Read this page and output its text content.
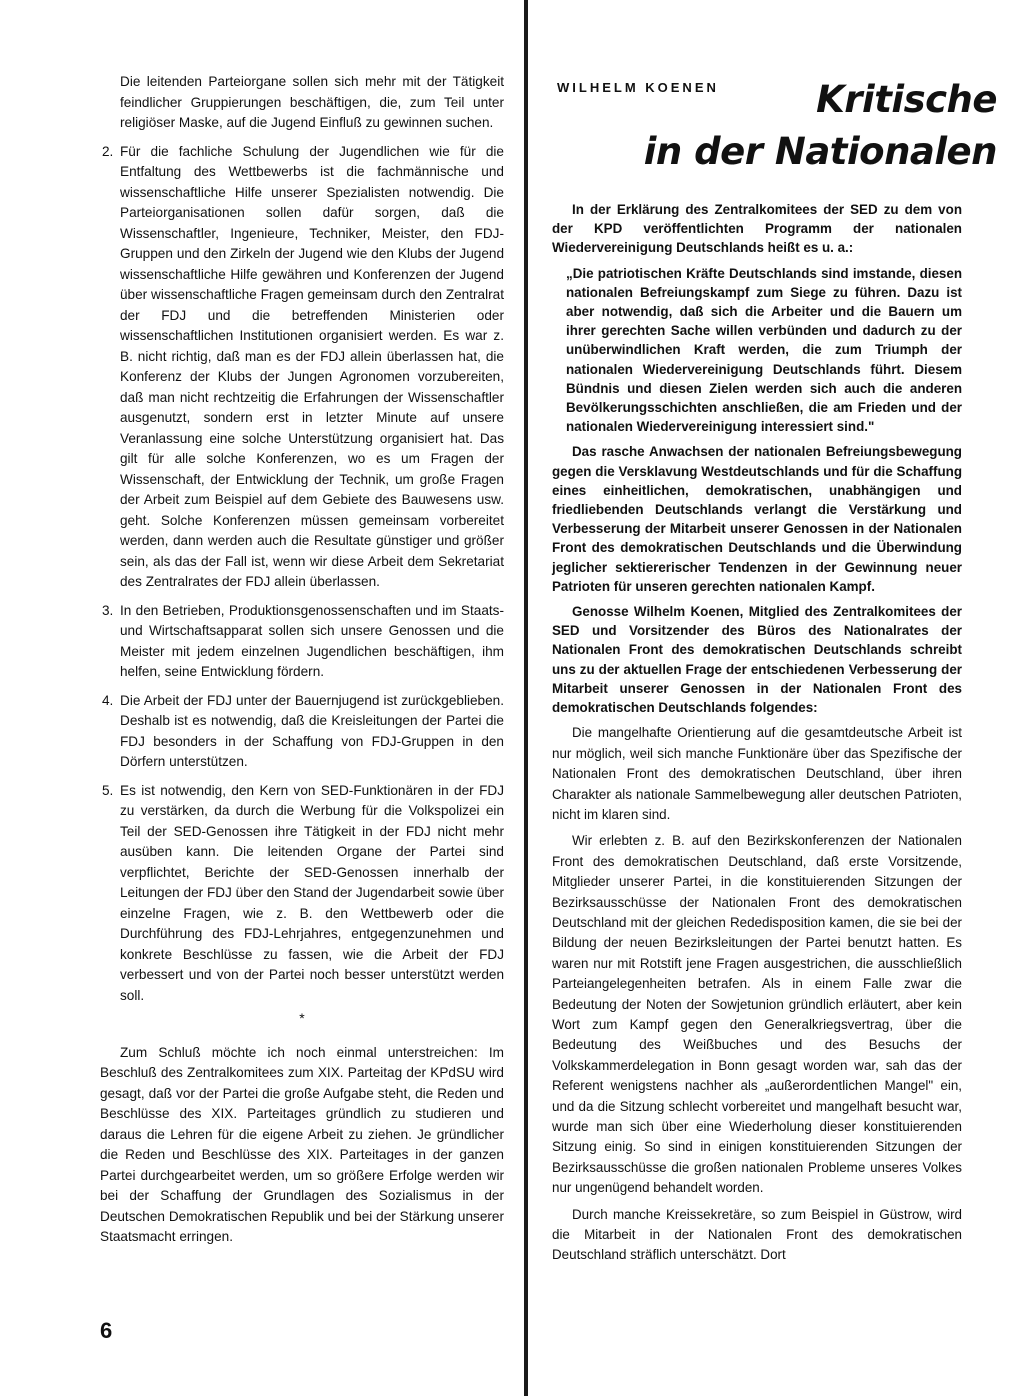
Die leitenden Parteiorgane sollen sich mehr mit der Tätigkeit feindlicher Gruppierungen beschäftigen, die, zum Teil unter religiöser Maske, auf die Jugend Einfluß zu gewinnen suchen.

2. Für die fachliche Schulung der Jugendlichen wie für die Entfaltung des Wettbewerbs ist die fachmännische und wissenschaftliche Hilfe unserer Spezialisten notwendig. Die Parteiorganisationen sollen dafür sorgen, daß die Wissenschaftler, Ingenieure, Techniker, Meister, den FDJ-Gruppen und den Zirkeln der Jugend wie den Klubs der Jugend wissenschaftliche Hilfe gewähren und Konferenzen der Jugend über wissenschaftliche Fragen gemeinsam durch den Zentralrat der FDJ und die betreffenden Ministerien oder wissenschaftlichen Institutionen organisiert werden. Es war z. B. nicht richtig, daß man es der FDJ allein überlassen hat, die Konferenz der Klubs der Jungen Agronomen vorzubereiten, daß man nicht rechtzeitig die Erfahrungen der Wissenschaftler ausgenutzt, sondern erst in letzter Minute auf unsere Veranlassung eine solche Unterstützung organisiert hat. Das gilt für alle solche Konferenzen, wo es um Fragen der Wissenschaft, der Entwicklung der Technik, um große Fragen der Arbeit zum Beispiel auf dem Gebiete des Bauwesens usw. geht. Solche Konferenzen müssen gemeinsam vorbereitet werden, dann werden auch die Resultate günstiger und größer sein, als das der Fall ist, wenn wir diese Arbeit dem Sekretariat des Zentralrates der FDJ allein überlassen.

3. In den Betrieben, Produktionsgenossenschaften und im Staats- und Wirtschaftsapparat sollen sich unsere Genossen und die Meister mit jedem einzelnen Jugendlichen beschäftigen, ihm helfen, seine Entwicklung fördern.

4. Die Arbeit der FDJ unter der Bauernjugend ist zurückgeblieben. Deshalb ist es notwendig, daß die Kreisleitungen der Partei die FDJ besonders in der Schaffung von FDJ-Gruppen in den Dörfern unterstützen.

5. Es ist notwendig, den Kern von SED-Funktionären in der FDJ zu verstärken, da durch die Werbung für die Volkspolizei ein Teil der SED-Genossen ihre Tätigkeit in der FDJ nicht mehr ausüben kann. Die leitenden Organe der Partei sind verpflichtet, Berichte der SED-Genossen innerhalb der Leitungen der FDJ über den Stand der Jugendarbeit sowie über einzelne Fragen, wie z. B. den Wettbewerb oder die Durchführung des FDJ-Lehrjahres, entgegenzunehmen und konkrete Beschlüsse zu fassen, wie die Arbeit der FDJ verbessert und von der Partei noch besser unterstützt werden soll.

*

Zum Schluß möchte ich noch einmal unterstreichen: Im Beschluß des Zentralkomitees zum XIX. Parteitag der KPdSU wird gesagt, daß vor der Partei die große Aufgabe steht, die Reden und Beschlüsse des XIX. Parteitages gründlich zu studieren und daraus die Lehren für die eigene Arbeit zu ziehen. Je gründlicher die Reden und Beschlüsse des XIX. Parteitages in der ganzen Partei durchgearbeitet werden, um so größere Erfolge werden wir bei der Schaffung der Grundlagen des Sozialismus in der Deutschen Demokratischen Republik und bei der Stärkung unserer Staatsmacht erringen.

6
WILHELM KOENEN	Kritische
in der Nationalen

In der Erklärung des Zentralkomitees der SED zu dem von der KPD veröffentlichten Programm der nationalen Wiedervereinigung Deutschlands heißt es u. a.:

„Die patriotischen Kräfte Deutschlands sind imstande, diesen nationalen Befreiungskampf zum Siege zu führen. Dazu ist aber notwendig, daß sich die Arbeiter und die Bauern um ihrer gerechten Sache willen verbünden und dadurch zu der unüberwindlichen Kraft werden, die zum Triumph der nationalen Wiedervereinigung Deutschlands führt. Diesem Bündnis und diesen Zielen werden sich auch die anderen Bevölkerungsschichten anschließen, die am Frieden und der nationalen Wiedervereinigung interessiert sind."

Das rasche Anwachsen der nationalen Befreiungsbewegung gegen die Versklavung Westdeutschlands und für die Schaffung eines einheitlichen, demokratischen, unabhängigen und friedliebenden Deutschlands verlangt die Verstärkung und Verbesserung der Mitarbeit unserer Genossen in der Nationalen Front des demokratischen Deutschlands und die Überwindung jeglicher sektiererischer Tendenzen in der Gewinnung neuer Patrioten für unseren gerechten nationalen Kampf.

Genosse Wilhelm Koenen, Mitglied des Zentralkomitees der SED und Vorsitzender des Büros des Nationalrates der Nationalen Front des demokratischen Deutschlands schreibt uns zu der aktuellen Frage der entschiedenen Verbesserung der Mitarbeit unserer Genossen in der Nationalen Front des demokratischen Deutschlands folgendes:

Die mangelhafte Orientierung auf die gesamtdeutsche Arbeit ist nur möglich, weil sich manche Funktionäre über das Spezifische der Nationalen Front des demokratischen Deutschland, über ihren Charakter als nationale Sammelbewegung aller deutschen Patrioten, nicht im klaren sind.

Wir erlebten z. B. auf den Bezirkskonferenzen der Nationalen Front des demokratischen Deutschland, daß erste Vorsitzende, Mitglieder unserer Partei, in die konstituierenden Sitzungen der Bezirksausschüsse der Nationalen Front des demokratischen Deutschland mit der gleichen Rededisposition kamen, die sie bei der Bildung der neuen Bezirksleitungen der Partei benutzt hatten. Es waren nur mit Rotstift jene Fragen ausgestrichen, die ausschließlich Parteiangelegenheiten betrafen. Als in einem Falle zwar die Bedeutung der Noten der Sowjetunion gründlich erläutert, aber kein Wort zum Kampf gegen den Generalkriegsvertrag, über die Bedeutung des Weißbuches und des Besuchs der Volkskammerdelegation in Bonn gesagt worden war, sah das der Referent wenigstens nachher als „außerordentlichen Mangel" ein, und da die Sitzung schlecht vorbereitet und mangelhaft besucht war, wurde man sich über eine Wiederholung dieser konstituierenden Sitzung einig. So sind in einigen konstituierenden Sitzungen der Bezirksausschüsse die großen nationalen Probleme unseres Volkes nur ungenügend behandelt worden.

Durch manche Kreissekretäre, so zum Beispiel in Güstrow, wird die Mitarbeit in der Nationalen Front des demokratischen Deutschland sträflich unterschätzt. Dort
